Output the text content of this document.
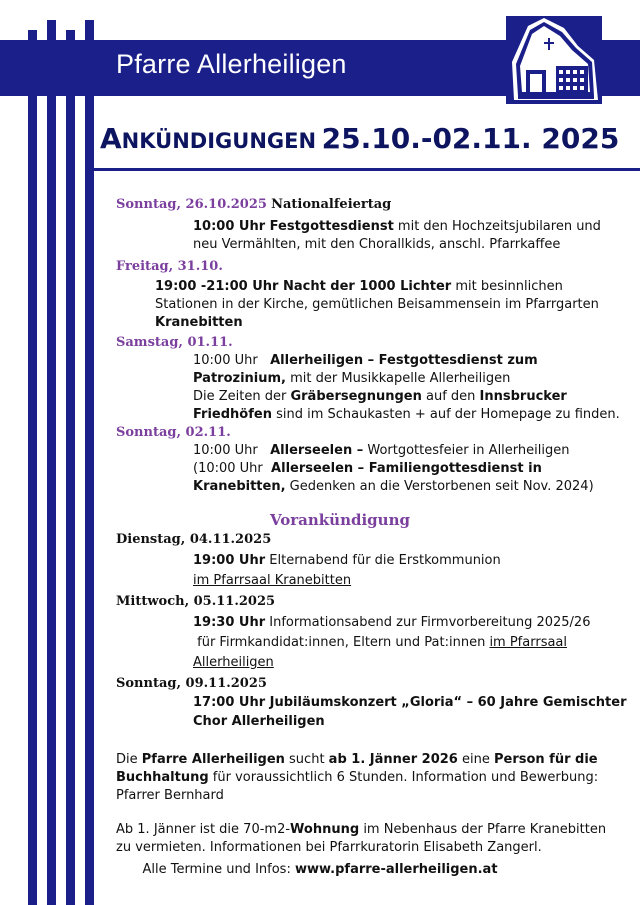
Pfarre Allerheiligen
ANKÜNDIGUNGEN 25.10.-02.11. 2025
Sonntag, 26.10.2025 Nationalfeiertag
10:00 Uhr Festgottesdienst mit den Hochzeitsjubilaren und
neu Vermählten, mit den Chorallkids, anschl. Pfarrkaffee
Freitag, 31.10.
19:00 -21:00 Uhr Nacht der 1000 Lichter mit besinnlichen
Stationen in der Kirche, gemütlichen Beisammensein im Pfarrgarten
Kranebitten
Samstag, 01.11.
10:00 Uhr   Allerheiligen – Festgottesdienst zum
Patrozinium, mit der Musikkapelle Allerheiligen
Die Zeiten der Gräbersegnungen auf den Innsbrucker
Friedhöfen sind im Schaukasten + auf der Homepage zu finden.
Sonntag, 02.11.
10:00 Uhr   Allerseelen – Wortgottesfeier in Allerheiligen
(10:00 Uhr  Allerseelen – Familiengottesdienst in
Kranebitten, Gedenken an die Verstorbenen seit Nov. 2024)
Vorankündigung
Dienstag, 04.11.2025
19:00 Uhr Elternabend für die Erstkommunion
im Pfarrsaal Kranebitten
Mittwoch, 05.11.2025
19:30 Uhr Informationsabend zur Firmvorbereitung 2025/26
für Firmkandidat:innen, Eltern und Pat:innen im Pfarrsaal
Allerheiligen
Sonntag, 09.11.2025
17:00 Uhr Jubiläumskonzert „Gloria“ – 60 Jahre Gemischter
Chor Allerheiligen
Die Pfarre Allerheiligen sucht ab 1. Jänner 2026 eine Person für die
Buchhaltung für voraussichtlich 6 Stunden. Information und Bewerbung:
Pfarrer Bernhard
Ab 1. Jänner ist die 70-m2-Wohnung im Nebenhaus der Pfarre Kranebitten
zu vermieten. Informationen bei Pfarrkuratorin Elisabeth Zangerl.
Alle Termine und Infos: www.pfarre-allerheiligen.at
